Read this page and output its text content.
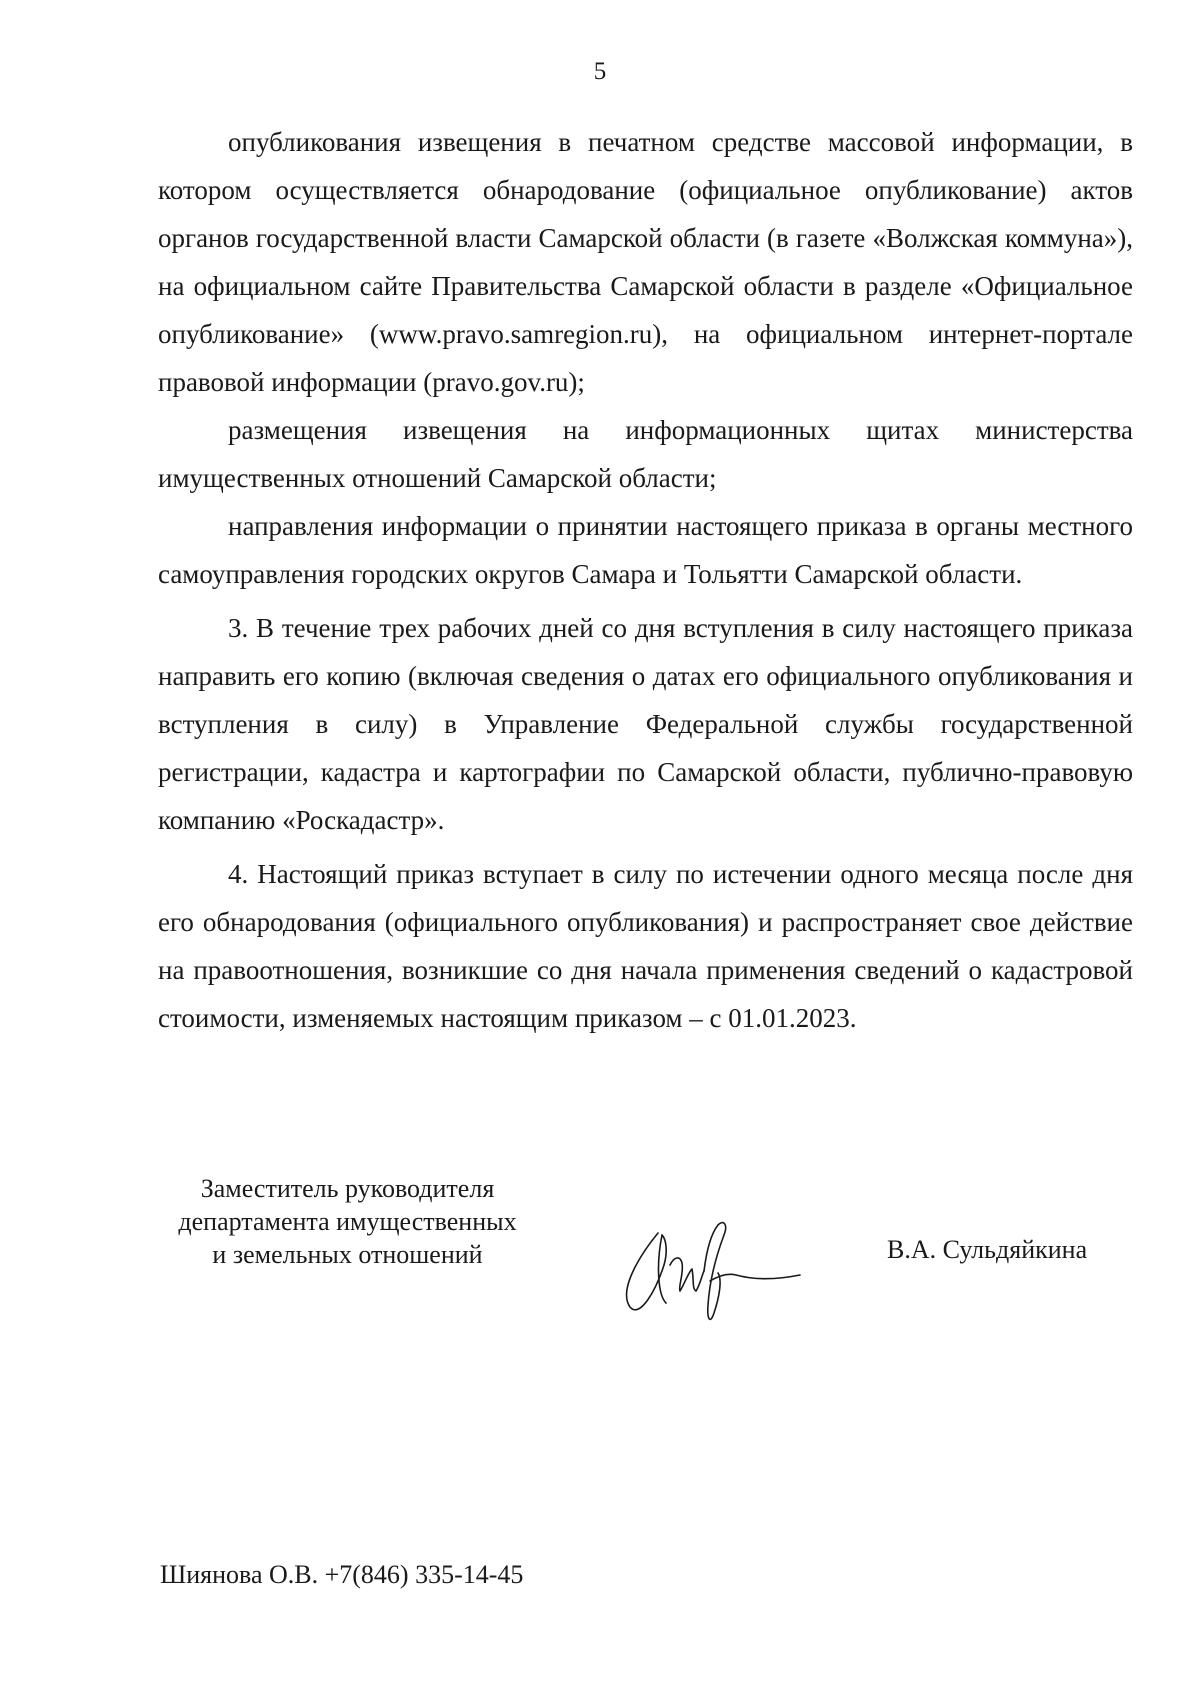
5

опубликования извещения в печатном средстве массовой информации, в котором осуществляется обнародование (официальное опубликование) актов органов государственной власти Самарской области (в газете «Волжская коммуна»), на официальном сайте Правительства Самарской области в разделе «Официальное опубликование» (www.pravo.samregion.ru), на официальном интернет-портале правовой информации (pravo.gov.ru);

размещения извещения на информационных щитах министерства имущественных отношений Самарской области;

направления информации о принятии настоящего приказа в органы местного самоуправления городских округов Самара и Тольятти Самарской области.

3. В течение трех рабочих дней со дня вступления в силу настоящего приказа направить его копию (включая сведения о датах его официального опубликования и вступления в силу) в Управление Федеральной службы государственной регистрации, кадастра и картографии по Самарской области, публично-правовую компанию «Роскадастр».

4. Настоящий приказ вступает в силу по истечении одного месяца после дня его обнародования (официального опубликования) и распространяет свое действие на правоотношения, возникшие со дня начала применения сведений о кадастровой стоимости, изменяемых настоящим приказом – с 01.01.2023.

Заместитель руководителя
департамента имущественных
и земельных отношений	В.А. Сульдяйкина
Шиянова О.В. +7(846) 335-14-45
